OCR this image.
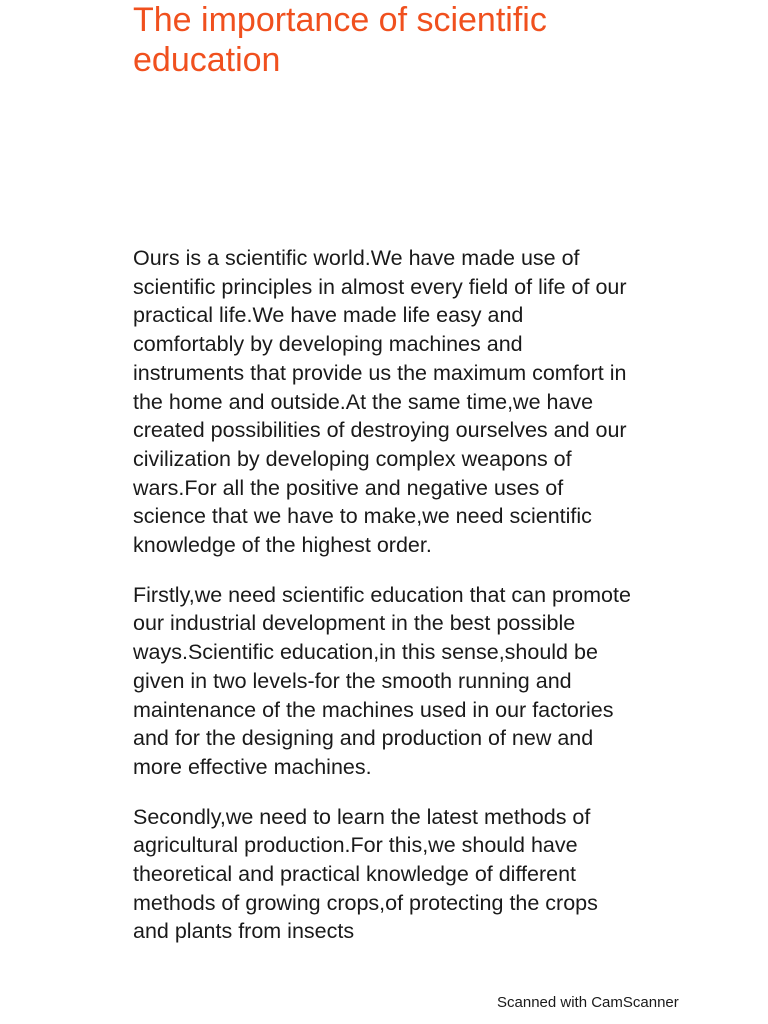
The importance of scientific education

Ours is a scientific world.We have made use of scientific principles in almost every field of life of our practical life.We have made life easy and comfortably by developing machines and instruments that provide us the maximum comfort in the home and outside.At the same time,we have created possibilities of destroying ourselves and our civilization by developing complex weapons of wars.For all the positive and negative uses of science that we have to make,we need scientific knowledge of the highest order.

Firstly,we need scientific education that can promote our industrial development in the best possible ways.Scientific education,in this sense,should be given in two levels-for the smooth running and maintenance of the machines used in our factories and for the designing and production of new and more effective machines.

Secondly,we need to learn the latest methods of agricultural production.For this,we should have theoretical and practical knowledge of different methods of growing crops,of protecting the crops and plants from insects

Scanned with CamScanner
